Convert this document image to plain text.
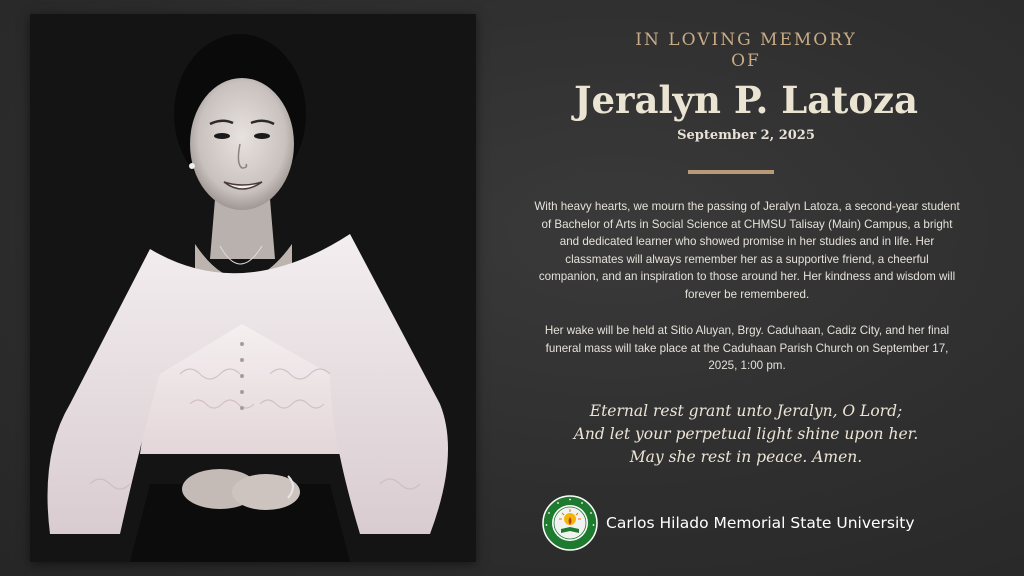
IN LOVING MEMORY
OF
Jeralyn P. Latoza
September 2, 2025
With heavy hearts, we mourn the passing of Jeralyn Latoza, a second-year student of Bachelor of Arts in Social Science at CHMSU Talisay (Main) Campus, a bright and dedicated learner who showed promise in her studies and in life. Her classmates will always remember her as a supportive friend, a cheerful companion, and an inspiration to those around her. Her kindness and wisdom will forever be remembered.
Her wake will be held at Sitio Aluyan, Brgy. Caduhaan, Cadiz City, and her final funeral mass will take place at the Caduhaan Parish Church on September 17, 2025, 1:00 pm.
Eternal rest grant unto Jeralyn, O Lord;
And let your perpetual light shine upon her.
May she rest in peace. Amen.
Carlos Hilado Memorial State University
